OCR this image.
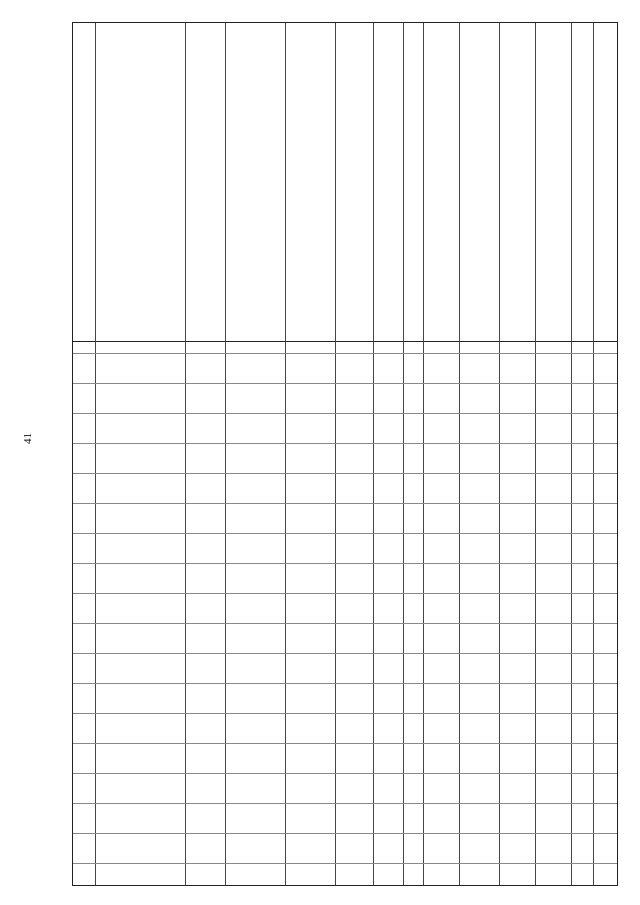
41
